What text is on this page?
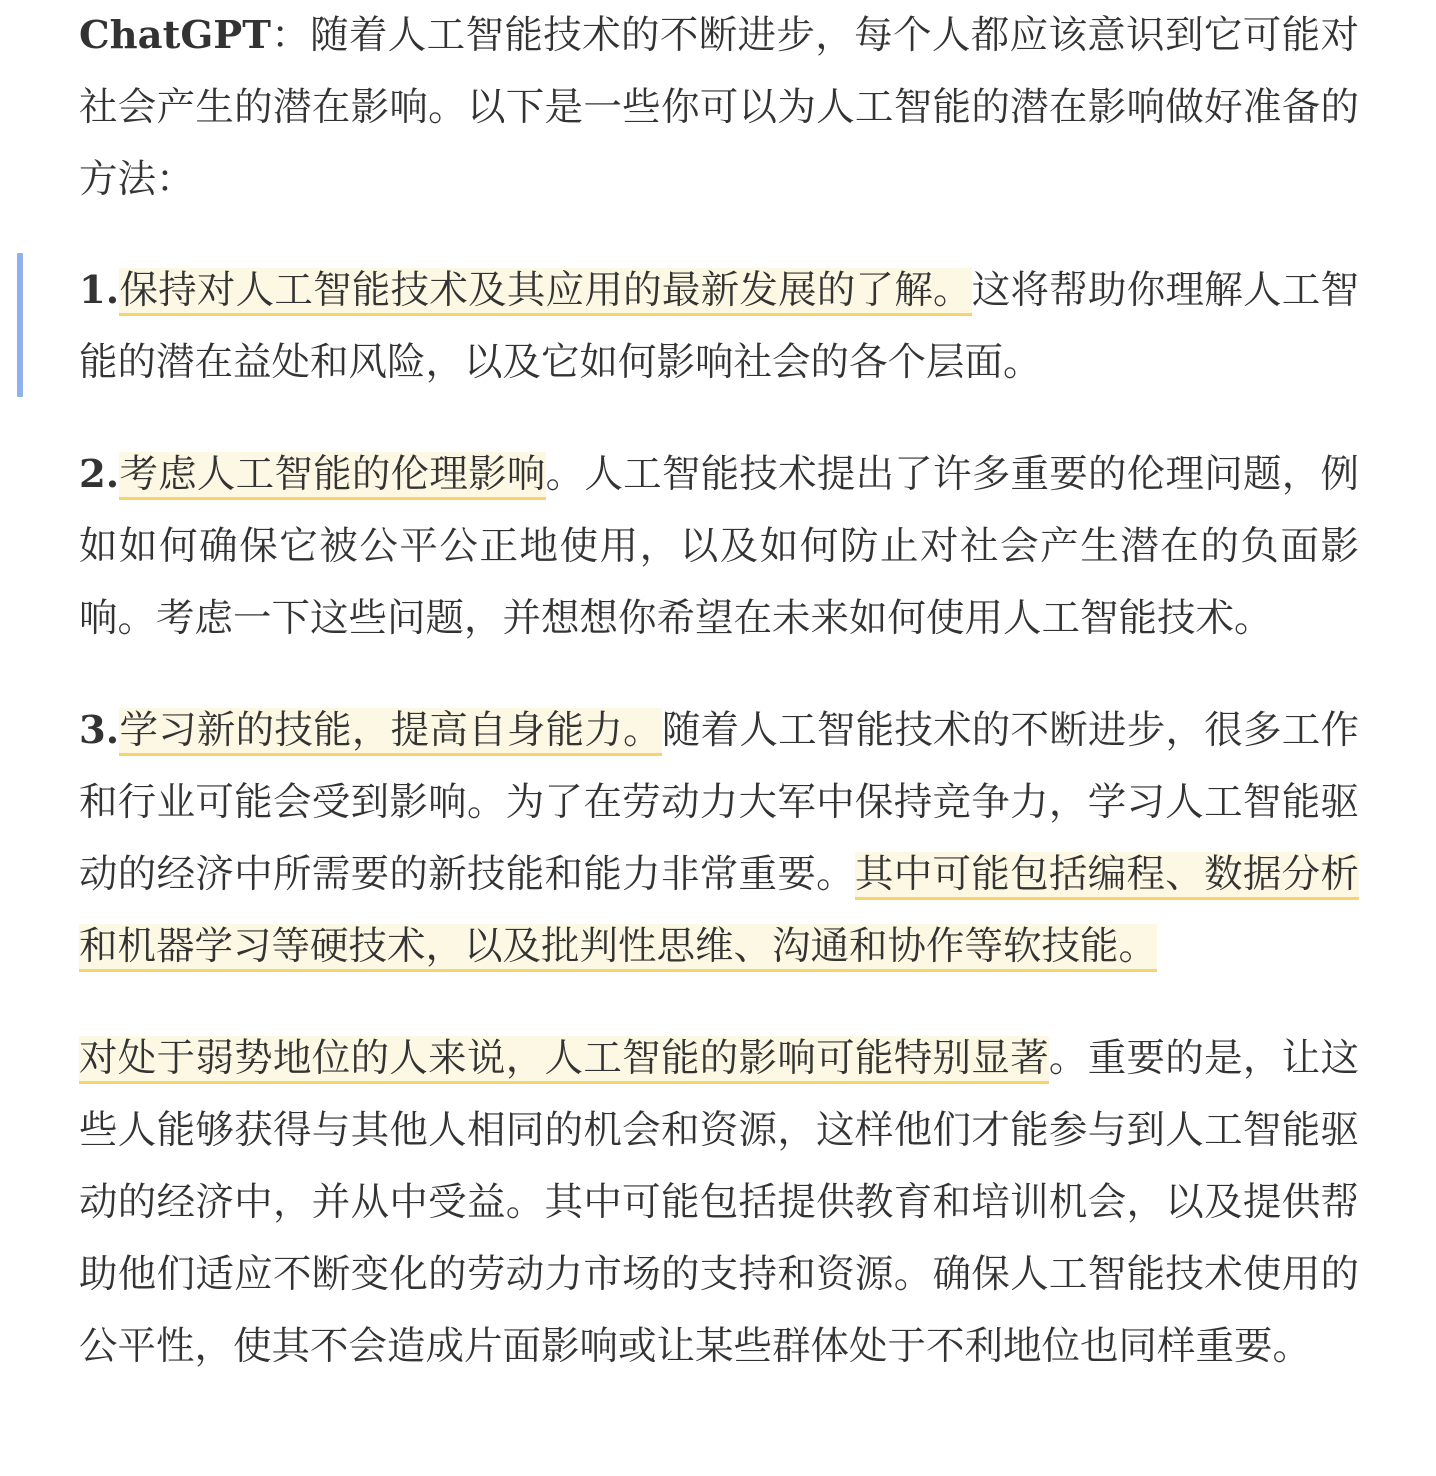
ChatGPT：随着人工智能技术的不断进步，每个人都应该意识到它可能对社会产生的潜在影响。以下是一些你可以为人工智能的潜在影响做好准备的方法：

1.保持对人工智能技术及其应用的最新发展的了解。这将帮助你理解人工智能的潜在益处和风险，以及它如何影响社会的各个层面。

2.考虑人工智能的伦理影响。人工智能技术提出了许多重要的伦理问题，例如如何确保它被公平公正地使用，以及如何防止对社会产生潜在的负面影响。考虑一下这些问题，并想想你希望在未来如何使用人工智能技术。

3.学习新的技能，提高自身能力。随着人工智能技术的不断进步，很多工作和行业可能会受到影响。为了在劳动力大军中保持竞争力，学习人工智能驱动的经济中所需要的新技能和能力非常重要。其中可能包括编程、数据分析和机器学习等硬技术，以及批判性思维、沟通和协作等软技能。

对处于弱势地位的人来说，人工智能的影响可能特别显著。重要的是，让这些人能够获得与其他人相同的机会和资源，这样他们才能参与到人工智能驱动的经济中，并从中受益。其中可能包括提供教育和培训机会，以及提供帮助他们适应不断变化的劳动力市场的支持和资源。确保人工智能技术使用的公平性，使其不会造成片面影响或让某些群体处于不利地位也同样重要。
